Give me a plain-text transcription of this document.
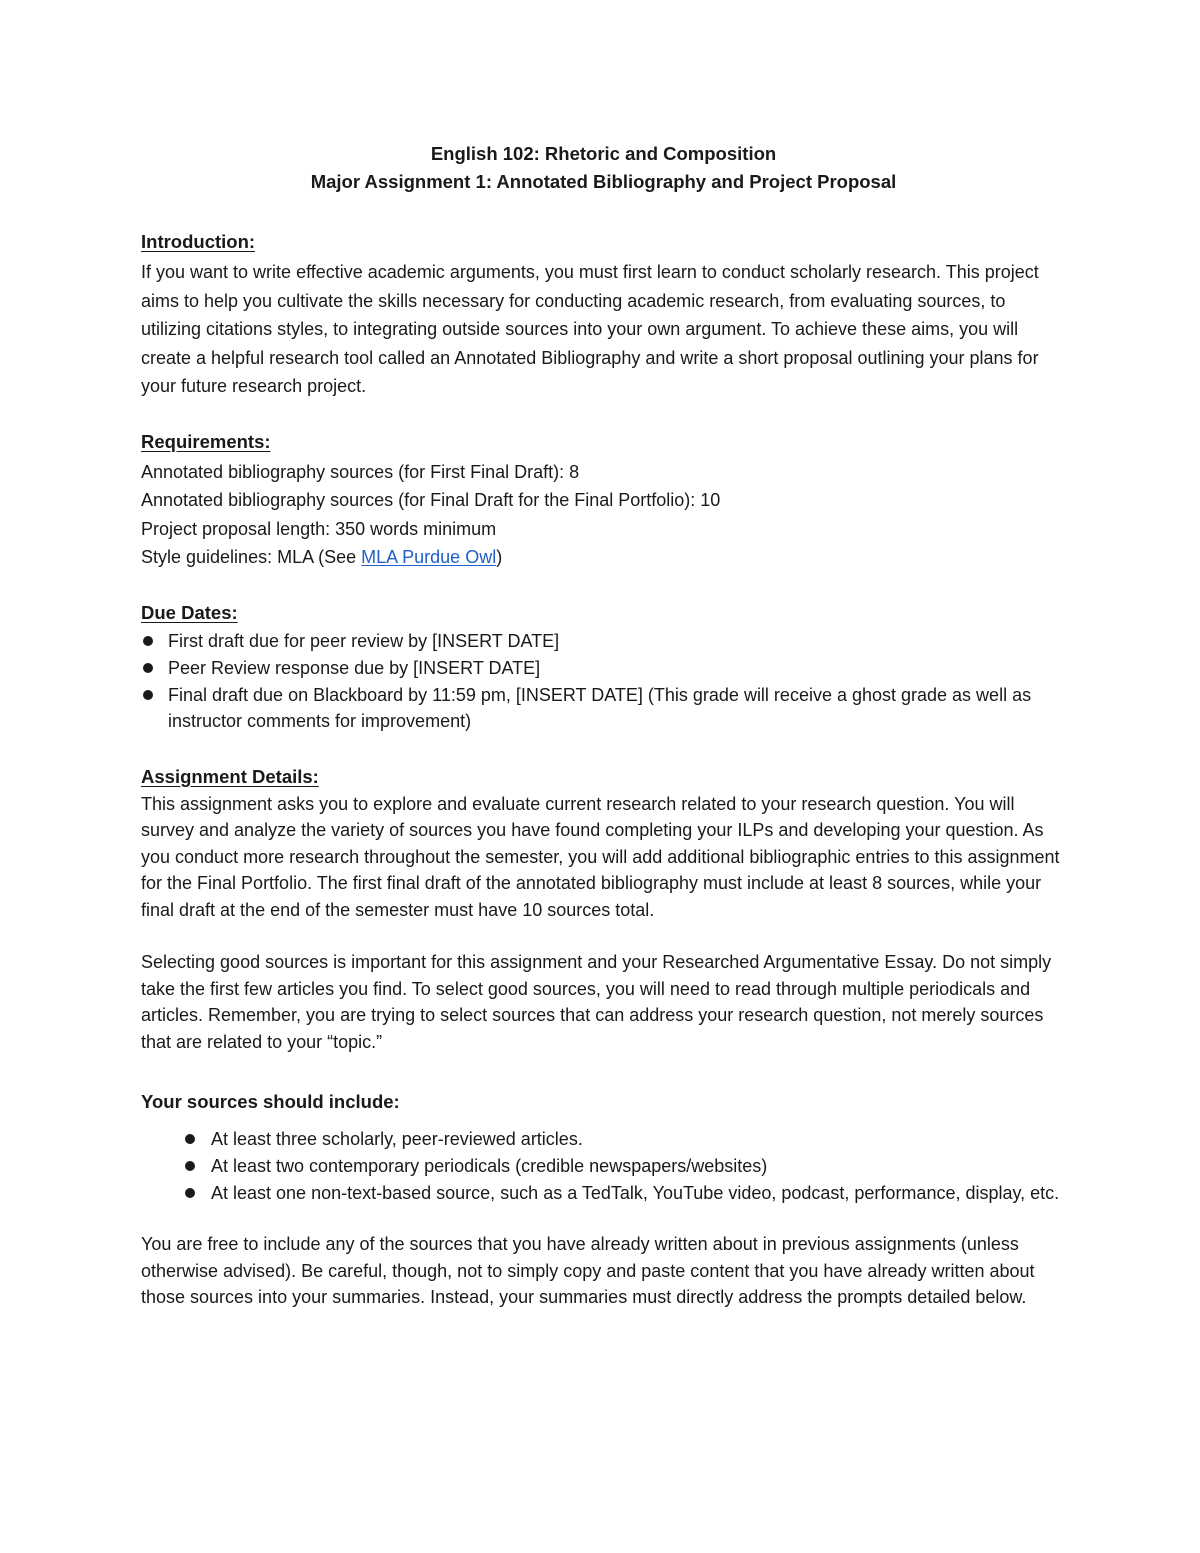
English 102: Rhetoric and Composition
Major Assignment 1: Annotated Bibliography and Project Proposal

Introduction:

If you want to write effective academic arguments, you must first learn to conduct scholarly research. This project aims to help you cultivate the skills necessary for conducting academic research, from evaluating sources, to utilizing citations styles, to integrating outside sources into your own argument. To achieve these aims, you will create a helpful research tool called an Annotated Bibliography and write a short proposal outlining your plans for your future research project.

Requirements:

Annotated bibliography sources (for First Final Draft): 8

Annotated bibliography sources (for Final Draft for the Final Portfolio): 10

Project proposal length: 350 words minimum

Style guidelines: MLA (See MLA Purdue Owl)

Due Dates:

First draft due for peer review by [INSERT DATE]
Peer Review response due by [INSERT DATE]
Final draft due on Blackboard by 11:59 pm, [INSERT DATE] (This grade will receive a ghost grade as well as instructor comments for improvement)

Assignment Details:

This assignment asks you to explore and evaluate current research related to your research question. You will survey and analyze the variety of sources you have found completing your ILPs and developing your question. As you conduct more research throughout the semester, you will add additional bibliographic entries to this assignment for the Final Portfolio. The first final draft of the annotated bibliography must include at least 8 sources, while your final draft at the end of the semester must have 10 sources total.

Selecting good sources is important for this assignment and your Researched Argumentative Essay. Do not simply take the first few articles you find. To select good sources, you will need to read through multiple periodicals and articles. Remember, you are trying to select sources that can address your research question, not merely sources that are related to your “topic.”

Your sources should include:

At least three scholarly, peer-reviewed articles.
At least two contemporary periodicals (credible newspapers/websites)
At least one non-text-based source, such as a TedTalk, YouTube video, podcast, performance, display, etc.

You are free to include any of the sources that you have already written about in previous assignments (unless otherwise advised). Be careful, though, not to simply copy and paste content that you have already written about those sources into your summaries. Instead, your summaries must directly address the prompts detailed below.
